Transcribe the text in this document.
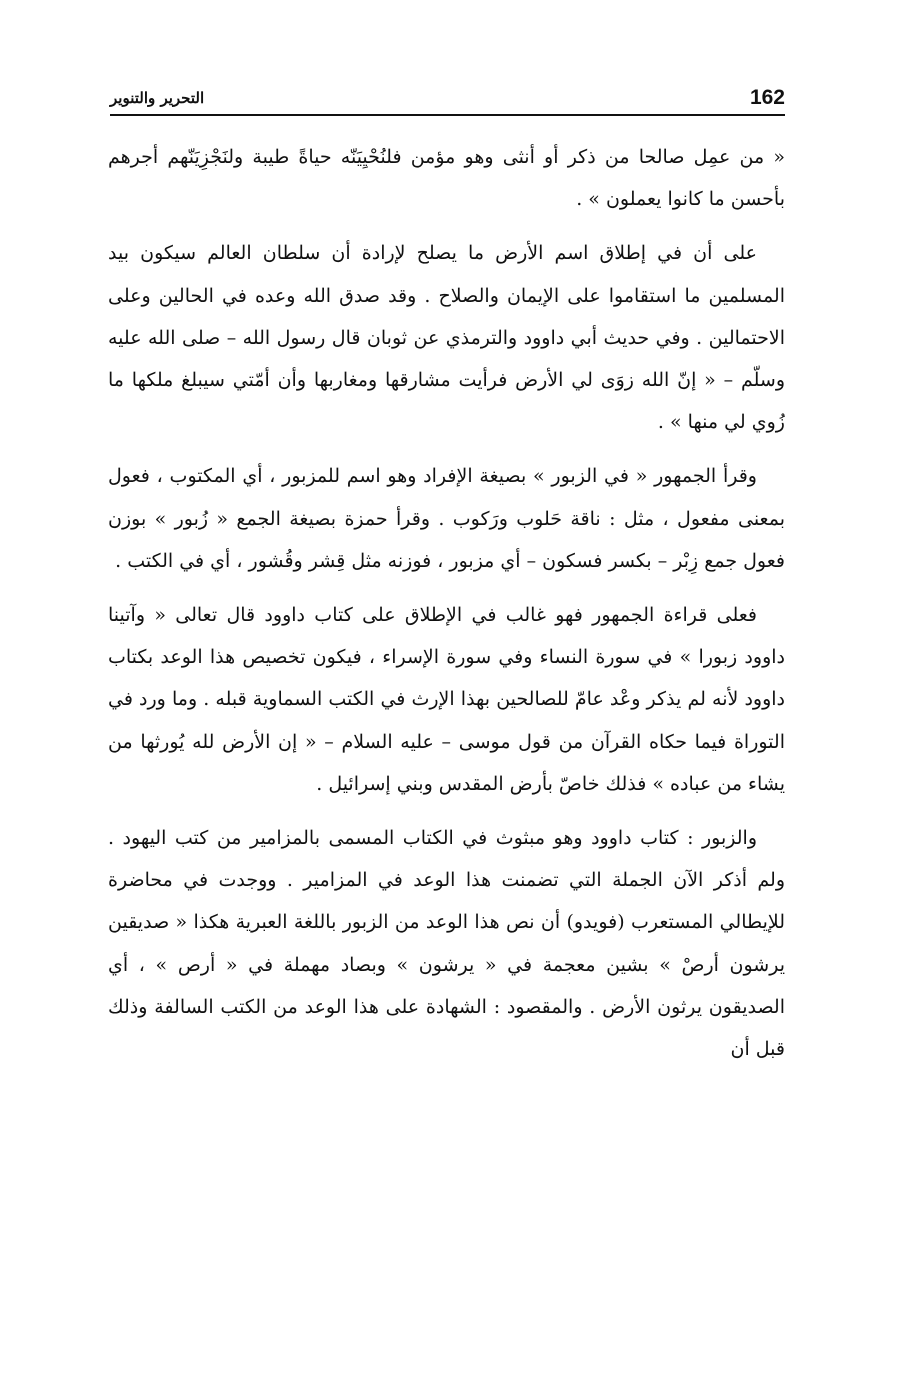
162
التحرير والتنوير

« من عمِل صالحا من ذكر أو أنثى وهو مؤمن فلنُحْيِيَنّه حياةً طيبة ولنَجْزِيَنّهم أجرهم بأحسن ما كانوا يعملون » .

على أن في إطلاق اسم الأرض ما يصلح لإرادة أن سلطان العالم سيكون بيد المسلمين ما استقاموا على الإيمان والصلاح . وقد صدق الله وعده في الحالين وعلى الاحتمالين . وفي حديث أبي داوود والترمذي عن ثوبان قال رسول الله – صلى الله عليه وسلّم – « إنّ الله زوَى لي الأرض فرأيت مشارقها ومغاربها وأن أمّتي سيبلغ ملكها ما زُوي لي منها » .

وقرأ الجمهور « في الزبور » بصيغة الإفراد وهو اسم للمزبور ، أي المكتوب ، فعول بمعنى مفعول ، مثل : ناقة حَلوب ورَكوب . وقرأ حمزة بصيغة الجمع « زُبور » بوزن فعول جمع زِبْر – بكسر فسكون – أي مزبور ، فوزنه مثل قِشر وقُشور ، أي في الكتب .

فعلى قراءة الجمهور فهو غالب في الإطلاق على كتاب داوود قال تعالى « وآتينا داوود زبورا » في سورة النساء وفي سورة الإسراء ، فيكون تخصيص هذا الوعد بكتاب داوود لأنه لم يذكر وعْد عامّ للصالحين بهذا الإرث في الكتب السماوية قبله . وما ورد في التوراة فيما حكاه القرآن من قول موسى – عليه السلام – « إن الأرض لله يُورثها من يشاء من عباده » فذلك خاصّ بأرض المقدس وبني إسرائيل .

والزبور : كتاب داوود وهو مبثوث في الكتاب المسمى بالمزامير من كتب اليهود . ولم أذكر الآن الجملة التي تضمنت هذا الوعد في المزامير . ووجدت في محاضرة للإيطالي المستعرب (فويدو) أن نص هذا الوعد من الزبور باللغة العبرية هكذا « صديقين يرشون أرصْ » بشين معجمة في « يرشون » وبصاد مهملة في « أرص » ، أي الصديقون يرثون الأرض . والمقصود : الشهادة على هذا الوعد من الكتب السالفة وذلك قبل أن
